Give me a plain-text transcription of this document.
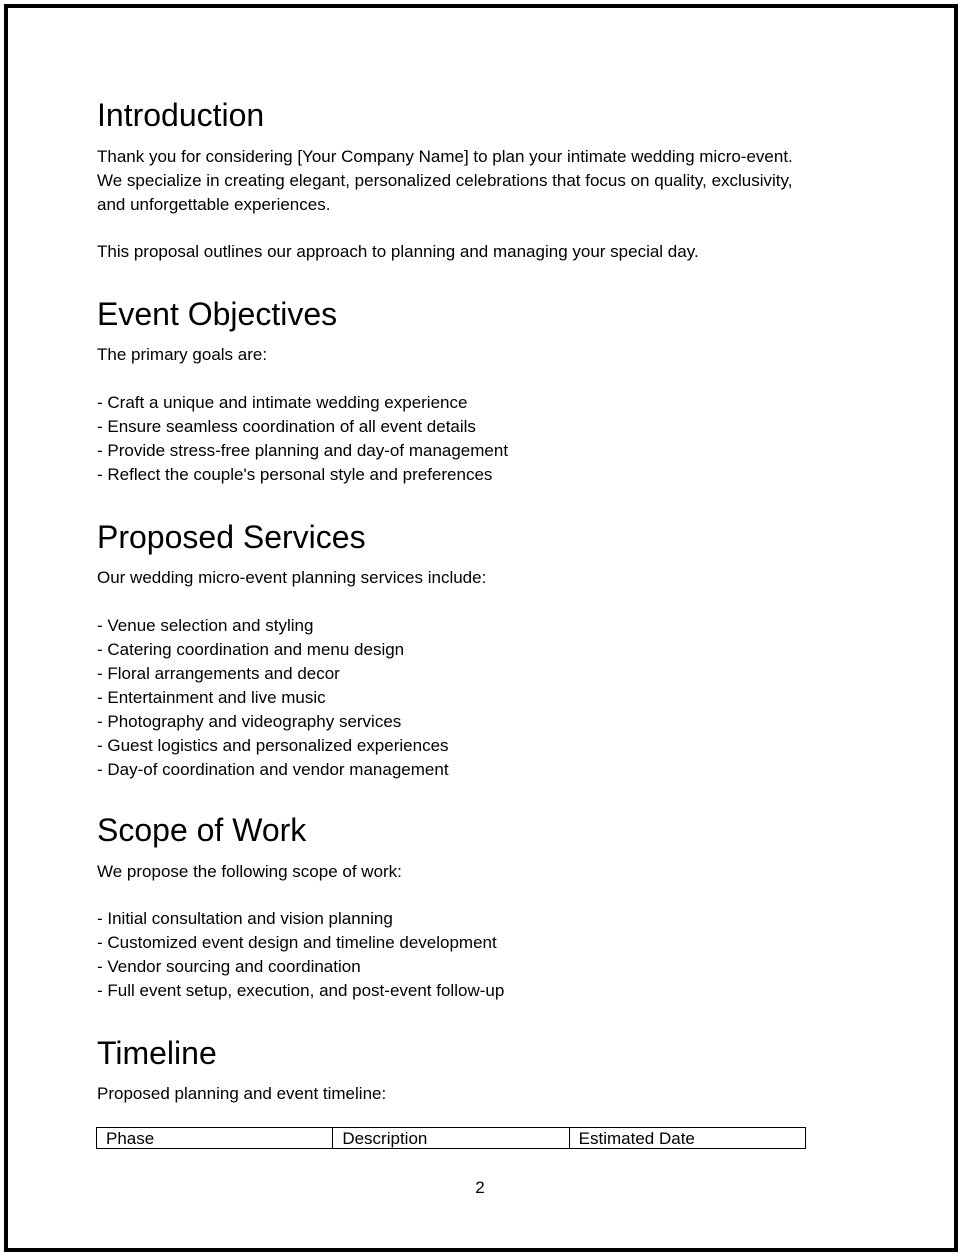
Introduction
Thank you for considering [Your Company Name] to plan your intimate wedding micro-event.
We specialize in creating elegant, personalized celebrations that focus on quality, exclusivity,
and unforgettable experiences.
This proposal outlines our approach to planning and managing your special day.
Event Objectives
The primary goals are:
- Craft a unique and intimate wedding experience
- Ensure seamless coordination of all event details
- Provide stress-free planning and day-of management
- Reflect the couple's personal style and preferences
Proposed Services
Our wedding micro-event planning services include:
- Venue selection and styling
- Catering coordination and menu design
- Floral arrangements and decor
- Entertainment and live music
- Photography and videography services
- Guest logistics and personalized experiences
- Day-of coordination and vendor management
Scope of Work
We propose the following scope of work:
- Initial consultation and vision planning
- Customized event design and timeline development
- Vendor sourcing and coordination
- Full event setup, execution, and post-event follow-up
Timeline
Proposed planning and event timeline:
Phase	Description	Estimated Date
2
